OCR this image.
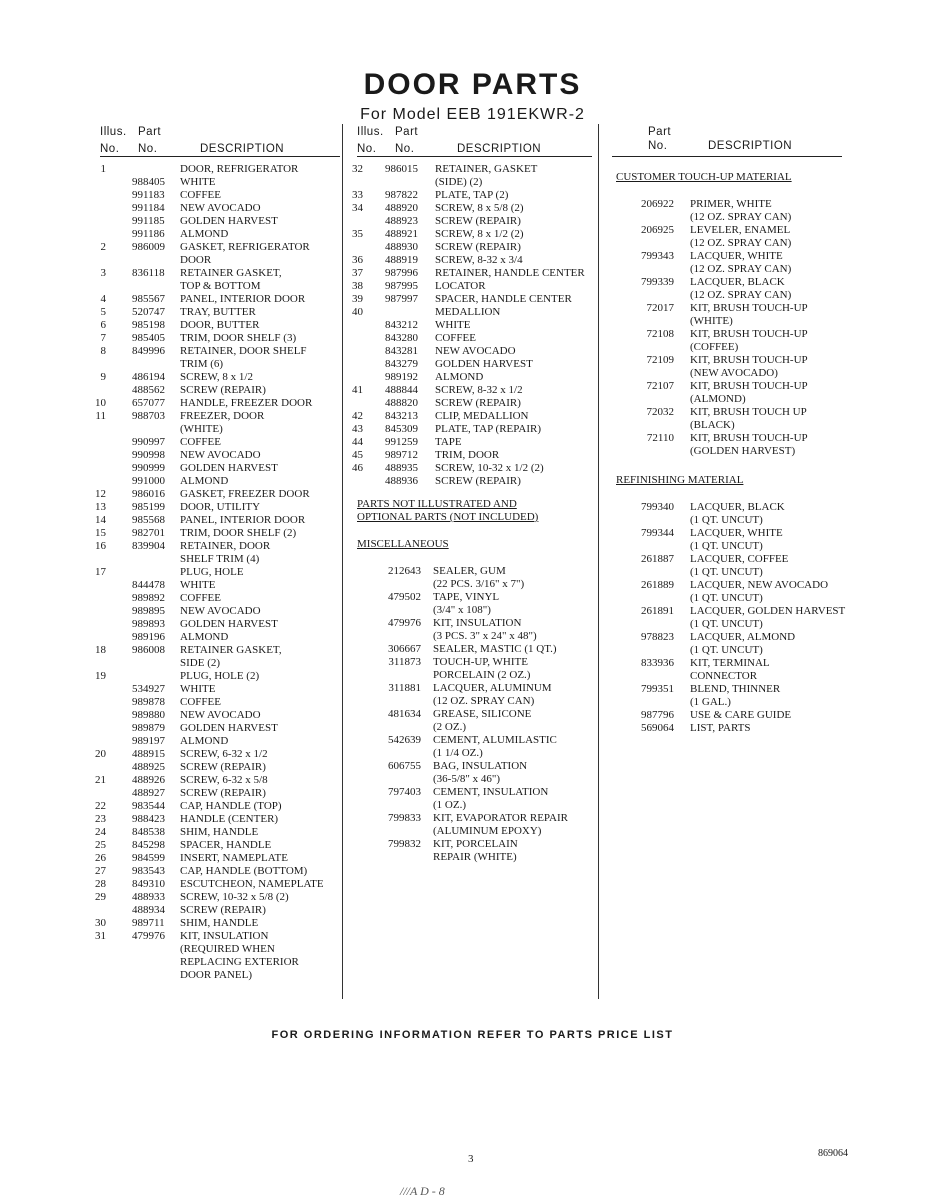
DOOR PARTS
For Model EEB 191EKWR-2
Illus. Part
No. No.	DESCRIPTION
1	DOOR, REFRIGERATOR
988405 WHITE
991183 COFFEE
991184 NEW AVOCADO
991185 GOLDEN HARVEST
991186 ALMOND
2 986009 GASKET, REFRIGERATOR
DOOR
3 836118 RETAINER GASKET,
TOP & BOTTOM
4 985567 PANEL, INTERIOR DOOR
5 520747 TRAY, BUTTER
6 985198 DOOR, BUTTER
7 985405 TRIM, DOOR SHELF (3)
8 849996 RETAINER, DOOR SHELF
TRIM (6)
9 486194 SCREW, 8 x 1/2
488562 SCREW (REPAIR)
10 657077 HANDLE, FREEZER DOOR
11 988703 FREEZER, DOOR
(WHITE)
990997 COFFEE
990998 NEW AVOCADO
990999 GOLDEN HARVEST
991000 ALMOND
12 986016 GASKET, FREEZER DOOR
13 985199 DOOR, UTILITY
14 985568 PANEL, INTERIOR DOOR
15 982701 TRIM, DOOR SHELF (2)
16 839904 RETAINER, DOOR
SHELF TRIM (4)
17	PLUG, HOLE
844478 WHITE
989892 COFFEE
989895 NEW AVOCADO
989893 GOLDEN HARVEST
989196 ALMOND
18 986008 RETAINER GASKET,
SIDE (2)
19	PLUG, HOLE (2)
534927 WHITE
989878 COFFEE
989880 NEW AVOCADO
989879 GOLDEN HARVEST
989197 ALMOND
20 488915 SCREW, 6-32 x 1/2
488925 SCREW (REPAIR)
21 488926 SCREW, 6-32 x 5/8
488927 SCREW (REPAIR)
22 983544 CAP, HANDLE (TOP)
23 988423 HANDLE (CENTER)
24 848538 SHIM, HANDLE
25 845298 SPACER, HANDLE
26 984599 INSERT, NAMEPLATE
27 983543 CAP, HANDLE (BOTTOM)
28 849310 ESCUTCHEON, NAMEPLATE
29 488933 SCREW, 10-32 x 5/8 (2)
488934 SCREW (REPAIR)
30 989711 SHIM, HANDLE
31 479976 KIT, INSULATION
(REQUIRED WHEN
REPLACING EXTERIOR
DOOR PANEL)
Illus. Part
No. No.	DESCRIPTION
32 986015 RETAINER, GASKET
(SIDE) (2)
33 987822 PLATE, TAP (2)
34 488920 SCREW, 8 x 5/8 (2)
488923 SCREW (REPAIR)
35 488921 SCREW, 8 x 1/2 (2)
488930 SCREW (REPAIR)
36 488919 SCREW, 8-32 x 3/4
37 987996 RETAINER, HANDLE CENTER
38 987995 LOCATOR
39 987997 SPACER, HANDLE CENTER
40	MEDALLION
843212 WHITE
843280 COFFEE
843281 NEW AVOCADO
843279 GOLDEN HARVEST
989192 ALMOND
41 488844 SCREW, 8-32 x 1/2
488820 SCREW (REPAIR)
42 843213 CLIP, MEDALLION
43 845309 PLATE, TAP (REPAIR)
44 991259 TAPE
45 989712 TRIM, DOOR
46 488935 SCREW, 10-32 x 1/2 (2)
488936 SCREW (REPAIR)
PARTS NOT ILLUSTRATED AND
OPTIONAL PARTS (NOT INCLUDED)
MISCELLANEOUS
212643 SEALER, GUM
(22 PCS. 3/16" x 7")
479502 TAPE, VINYL
(3/4" x 108")
479976 KIT, INSULATION
(3 PCS. 3" x 24" x 48")
306667 SEALER, MASTIC (1 QT.)
311873 TOUCH-UP, WHITE
PORCELAIN (2 OZ.)
311881 LACQUER, ALUMINUM
(12 OZ. SPRAY CAN)
481634 GREASE, SILICONE
(2 OZ.)
542639 CEMENT, ALUMILASTIC
(1 1/4 OZ.)
606755 BAG, INSULATION
(36-5/8" x 46")
797403 CEMENT, INSULATION
(1 OZ.)
799833 KIT, EVAPORATOR REPAIR
(ALUMINUM EPOXY)
799832 KIT, PORCELAIN
REPAIR (WHITE)
Part
No.	DESCRIPTION
CUSTOMER TOUCH-UP MATERIAL
206922 PRIMER, WHITE
(12 OZ. SPRAY CAN)
206925 LEVELER, ENAMEL
(12 OZ. SPRAY CAN)
799343 LACQUER, WHITE
(12 OZ. SPRAY CAN)
799339 LACQUER, BLACK
(12 OZ. SPRAY CAN)
72017 KIT, BRUSH TOUCH-UP
(WHITE)
72108 KIT, BRUSH TOUCH-UP
(COFFEE)
72109 KIT, BRUSH TOUCH-UP
(NEW AVOCADO)
72107 KIT, BRUSH TOUCH-UP
(ALMOND)
72032 KIT, BRUSH TOUCH UP
(BLACK)
72110 KIT, BRUSH TOUCH-UP
(GOLDEN HARVEST)
REFINISHING MATERIAL
799340 LACQUER, BLACK
(1 QT. UNCUT)
799344 LACQUER, WHITE
(1 QT. UNCUT)
261887 LACQUER, COFFEE
(1 QT. UNCUT)
261889 LACQUER, NEW AVOCADO
(1 QT. UNCUT)
261891 LACQUER, GOLDEN HARVEST
(1 QT. UNCUT)
978823 LACQUER, ALMOND
(1 QT. UNCUT)
833936 KIT, TERMINAL
CONNECTOR
799351 BLEND, THINNER
(1 GAL.)
987796 USE & CARE GUIDE
569064 LIST, PARTS
FOR ORDERING INFORMATION REFER TO PARTS PRICE LIST
3	869064
///A D - 8
